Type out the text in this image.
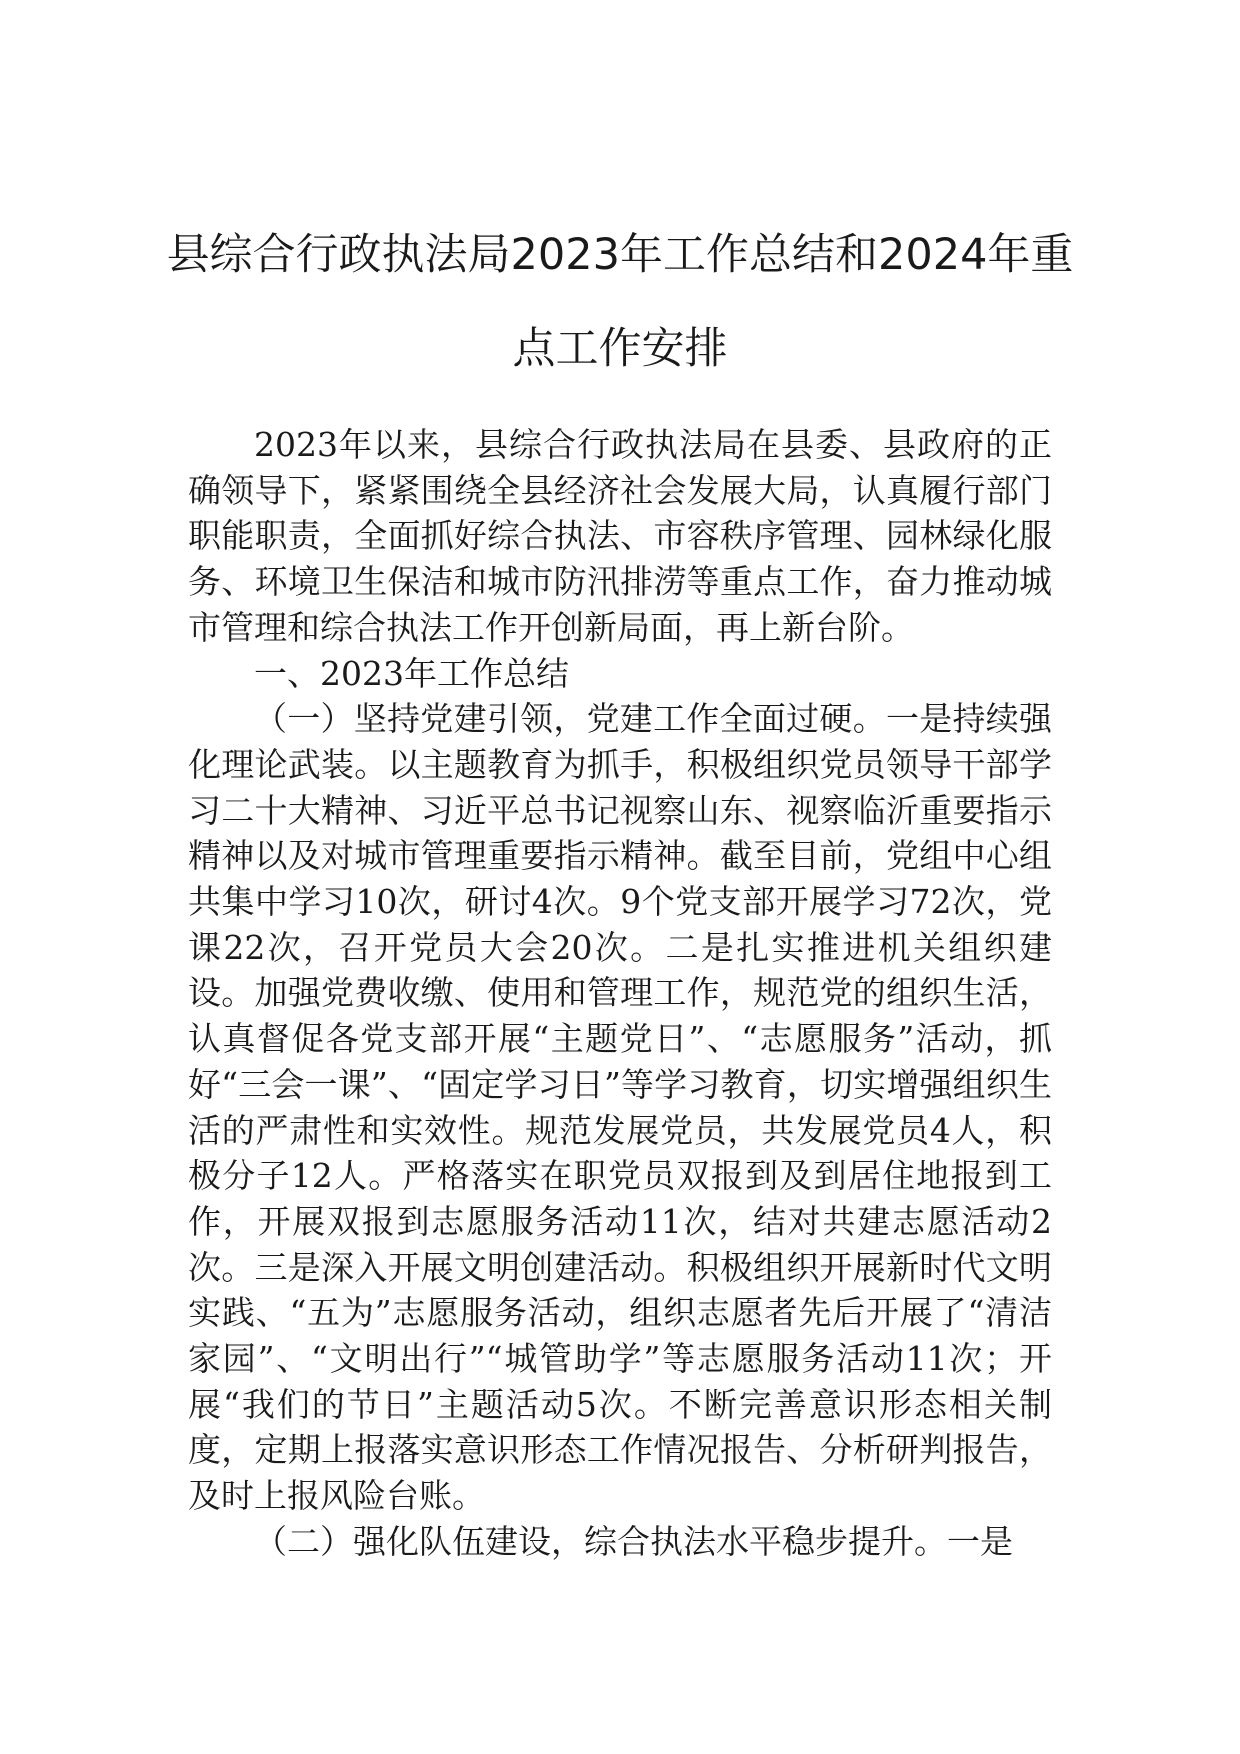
县综合行政执法局2023年工作总结和2024年重点工作安排

2023年以来，县综合行政执法局在县委、县政府的正确领导下，紧紧围绕全县经济社会发展大局，认真履行部门职能职责，全面抓好综合执法、市容秩序管理、园林绿化服务、环境卫生保洁和城市防汛排涝等重点工作，奋力推动城市管理和综合执法工作开创新局面，再上新台阶。

一、2023年工作总结

（一）坚持党建引领，党建工作全面过硬。一是持续强化理论武装。以主题教育为抓手，积极组织党员领导干部学习二十大精神、习近平总书记视察山东、视察临沂重要指示精神以及对城市管理重要指示精神。截至目前，党组中心组共集中学习10次，研讨4次。9个党支部开展学习72次，党课22次，召开党员大会20次。二是扎实推进机关组织建设。加强党费收缴、使用和管理工作，规范党的组织生活，认真督促各党支部开展“主题党日”、“志愿服务”活动，抓好“三会一课”、“固定学习日”等学习教育，切实增强组织生活的严肃性和实效性。规范发展党员，共发展党员4人，积极分子12人。严格落实在职党员双报到及到居住地报到工作，开展双报到志愿服务活动11次，结对共建志愿活动2次。三是深入开展文明创建活动。积极组织开展新时代文明实践、“五为”志愿服务活动，组织志愿者先后开展了“清洁家园”、“文明出行”“城管助学”等志愿服务活动11次；开展“我们的节日”主题活动5次。不断完善意识形态相关制度，定期上报落实意识形态工作情况报告、分析研判报告，及时上报风险台账。

（二）强化队伍建设，综合执法水平稳步提升。一是
